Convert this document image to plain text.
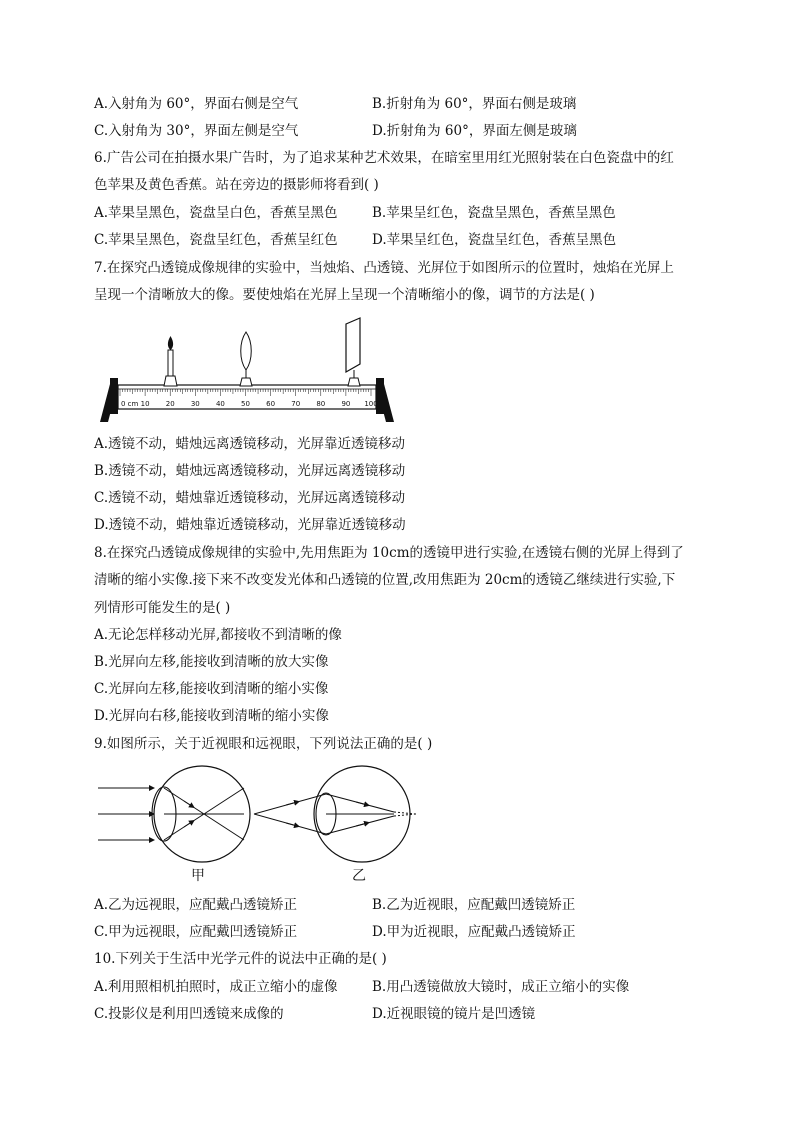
A.入射角为 60°，界面右侧是空气	B.折射角为 60°，界面右侧是玻璃
C.入射角为 30°，界面左侧是空气	D.折射角为 60°，界面左侧是玻璃
6.广告公司在拍摄水果广告时，为了追求某种艺术效果，在暗室里用红光照射装在白色瓷盘中的红
色苹果及黄色香蕉。站在旁边的摄影师将看到( )
A.苹果呈黑色，瓷盘呈白色，香蕉呈黑色	B.苹果呈红色，瓷盘呈黑色，香蕉呈黑色
C.苹果呈黑色，瓷盘呈红色，香蕉呈红色	D.苹果呈红色，瓷盘呈红色，香蕉呈黑色
7.在探究凸透镜成像规律的实验中，当烛焰、凸透镜、光屏位于如图所示的位置时，烛焰在光屏上
呈现一个清晰放大的像。要使烛焰在光屏上呈现一个清晰缩小的像，调节的方法是( )
0 cm 10 20 30 40 50 60 70 80 90 100
A.透镜不动，蜡烛远离透镜移动，光屏靠近透镜移动
B.透镜不动，蜡烛远离透镜移动，光屏远离透镜移动
C.透镜不动，蜡烛靠近透镜移动，光屏远离透镜移动
D.透镜不动，蜡烛靠近透镜移动，光屏靠近透镜移动
8.在探究凸透镜成像规律的实验中,先用焦距为 10cm的透镜甲进行实验,在透镜右侧的光屏上得到了
清晰的缩小实像.接下来不改变发光体和凸透镜的位置,改用焦距为 20cm的透镜乙继续进行实验,下
列情形可能发生的是( )
A.无论怎样移动光屏,都接收不到清晰的像
B.光屏向左移,能接收到清晰的放大实像
C.光屏向左移,能接收到清晰的缩小实像
D.光屏向右移,能接收到清晰的缩小实像
9.如图所示，关于近视眼和远视眼，下列说法正确的是( )
甲	乙
A.乙为远视眼，应配戴凸透镜矫正	B.乙为近视眼，应配戴凹透镜矫正
C.甲为远视眼，应配戴凹透镜矫正	D.甲为近视眼，应配戴凸透镜矫正
10.下列关于生活中光学元件的说法中正确的是( )
A.利用照相机拍照时，成正立缩小的虚像	B.用凸透镜做放大镜时，成正立缩小的实像
C.投影仪是利用凹透镜来成像的	D.近视眼镜的镜片是凹透镜
